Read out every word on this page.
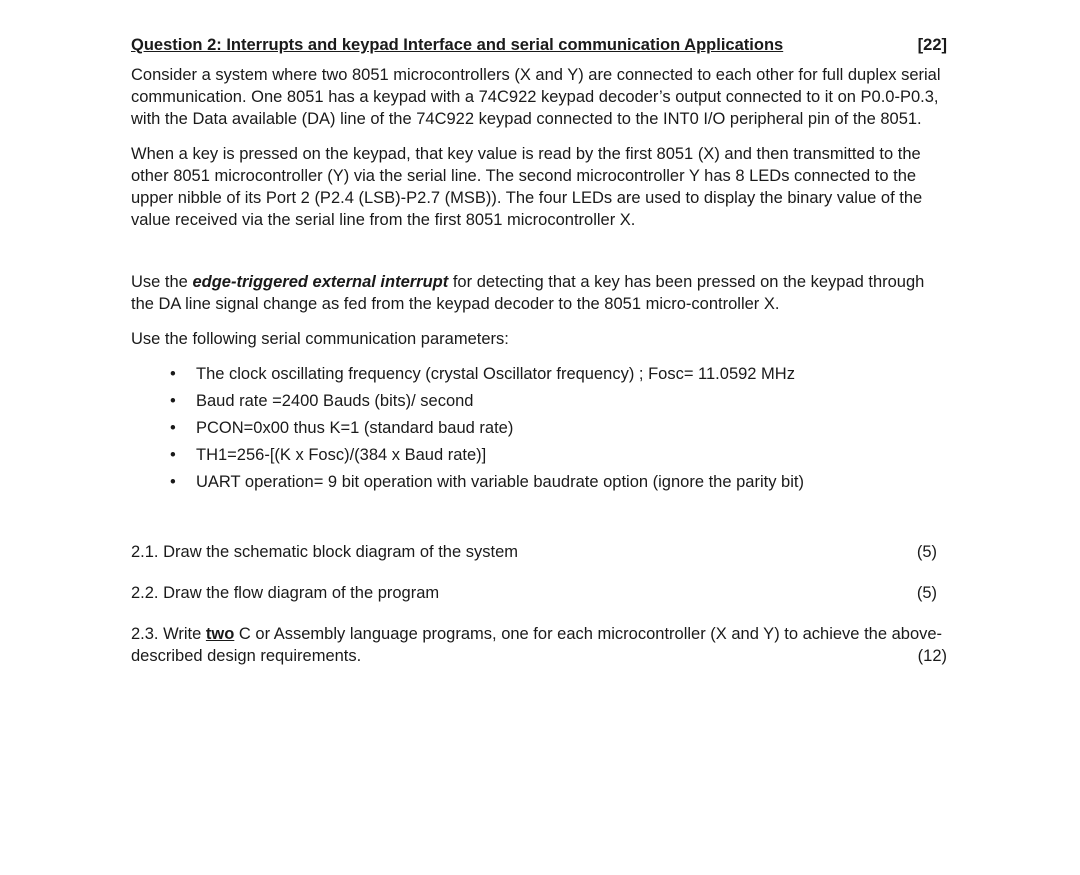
Question 2: Interrupts and keypad Interface and serial communication Applications	[22]

Consider a system where two 8051 microcontrollers (X and Y) are connected to each other for full duplex serial communication. One 8051 has a keypad with a 74C922 keypad decoder’s output connected to it on P0.0-P0.3, with the Data available (DA) line of the 74C922 keypad connected to the INT0 I/O peripheral pin of the 8051.

When a key is pressed on the keypad, that key value is read by the first 8051 (X) and then transmitted to the other 8051 microcontroller (Y) via the serial line. The second microcontroller Y has 8 LEDs connected to the upper nibble of its Port 2 (P2.4 (LSB)-P2.7 (MSB)). The four LEDs are used to display the binary value of the value received via the serial line from the first 8051 microcontroller X.

Use the edge-triggered external interrupt for detecting that a key has been pressed on the keypad through the DA line signal change as fed from the keypad decoder to the 8051 micro-controller X.

Use the following serial communication parameters:

• The clock oscillating frequency (crystal Oscillator frequency) ; Fosc= 11.0592 MHz
• Baud rate =2400 Bauds (bits)/ second
• PCON=0x00 thus K=1 (standard baud rate)
• TH1=256-[(K x Fosc)/(384 x Baud rate)]
• UART operation= 9 bit operation with variable baudrate option (ignore the parity bit)
2.1. Draw the schematic block diagram of the system	(5)
2.2. Draw the flow diagram of the program	(5)
2.3. Write two C or Assembly language programs, one for each microcontroller (X and Y) to achieve the above-described design requirements.	(12)
